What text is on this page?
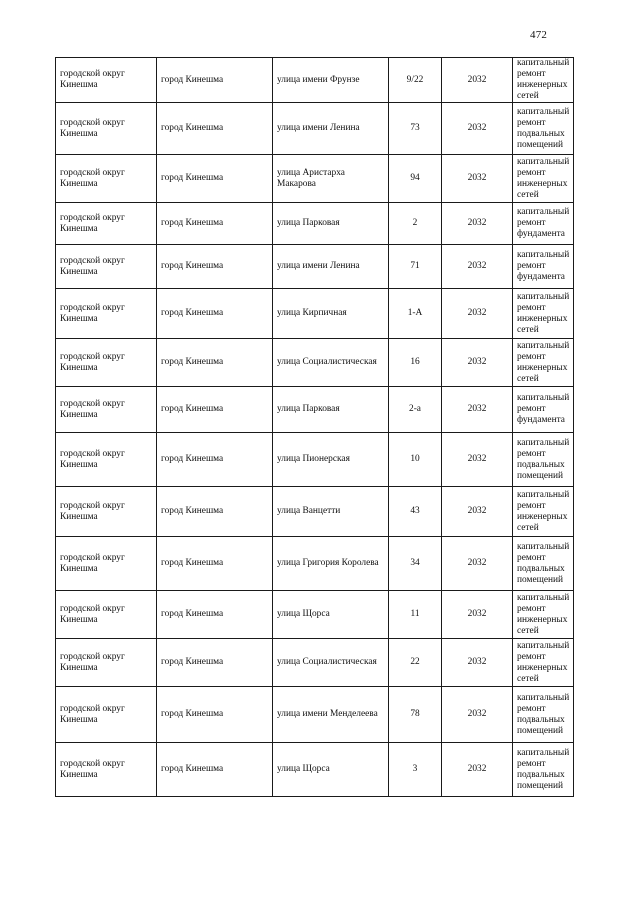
472
городской округ Кинешма	город Кинешма	улица имени Фрунзе	9/22	2032	капитальный ремонт инженерных сетей
городской округ Кинешма	город Кинешма	улица имени Ленина	73	2032	капитальный ремонт подвальных помещений
городской округ Кинешма	город Кинешма	улица Аристарха Макарова	94	2032	капитальный ремонт инженерных сетей
городской округ Кинешма	город Кинешма	улица Парковая	2	2032	капитальный ремонт фундамента
городской округ Кинешма	город Кинешма	улица имени Ленина	71	2032	капитальный ремонт фундамента
городской округ Кинешма	город Кинешма	улица Кирпичная	1-А	2032	капитальный ремонт инженерных сетей
городской округ Кинешма	город Кинешма	улица Социалистическая	16	2032	капитальный ремонт инженерных сетей
городской округ Кинешма	город Кинешма	улица Парковая	2-а	2032	капитальный ремонт фундамента
городской округ Кинешма	город Кинешма	улица Пионерская	10	2032	капитальный ремонт подвальных помещений
городской округ Кинешма	город Кинешма	улица Ванцетти	43	2032	капитальный ремонт инженерных сетей
городской округ Кинешма	город Кинешма	улица Григория Королева	34	2032	капитальный ремонт подвальных помещений
городской округ Кинешма	город Кинешма	улица Щорса	11	2032	капитальный ремонт инженерных сетей
городской округ Кинешма	город Кинешма	улица Социалистическая	22	2032	капитальный ремонт инженерных сетей
городской округ Кинешма	город Кинешма	улица имени Менделеева	78	2032	капитальный ремонт подвальных помещений
городской округ Кинешма	город Кинешма	улица Щорса	3	2032	капитальный ремонт подвальных помещений
